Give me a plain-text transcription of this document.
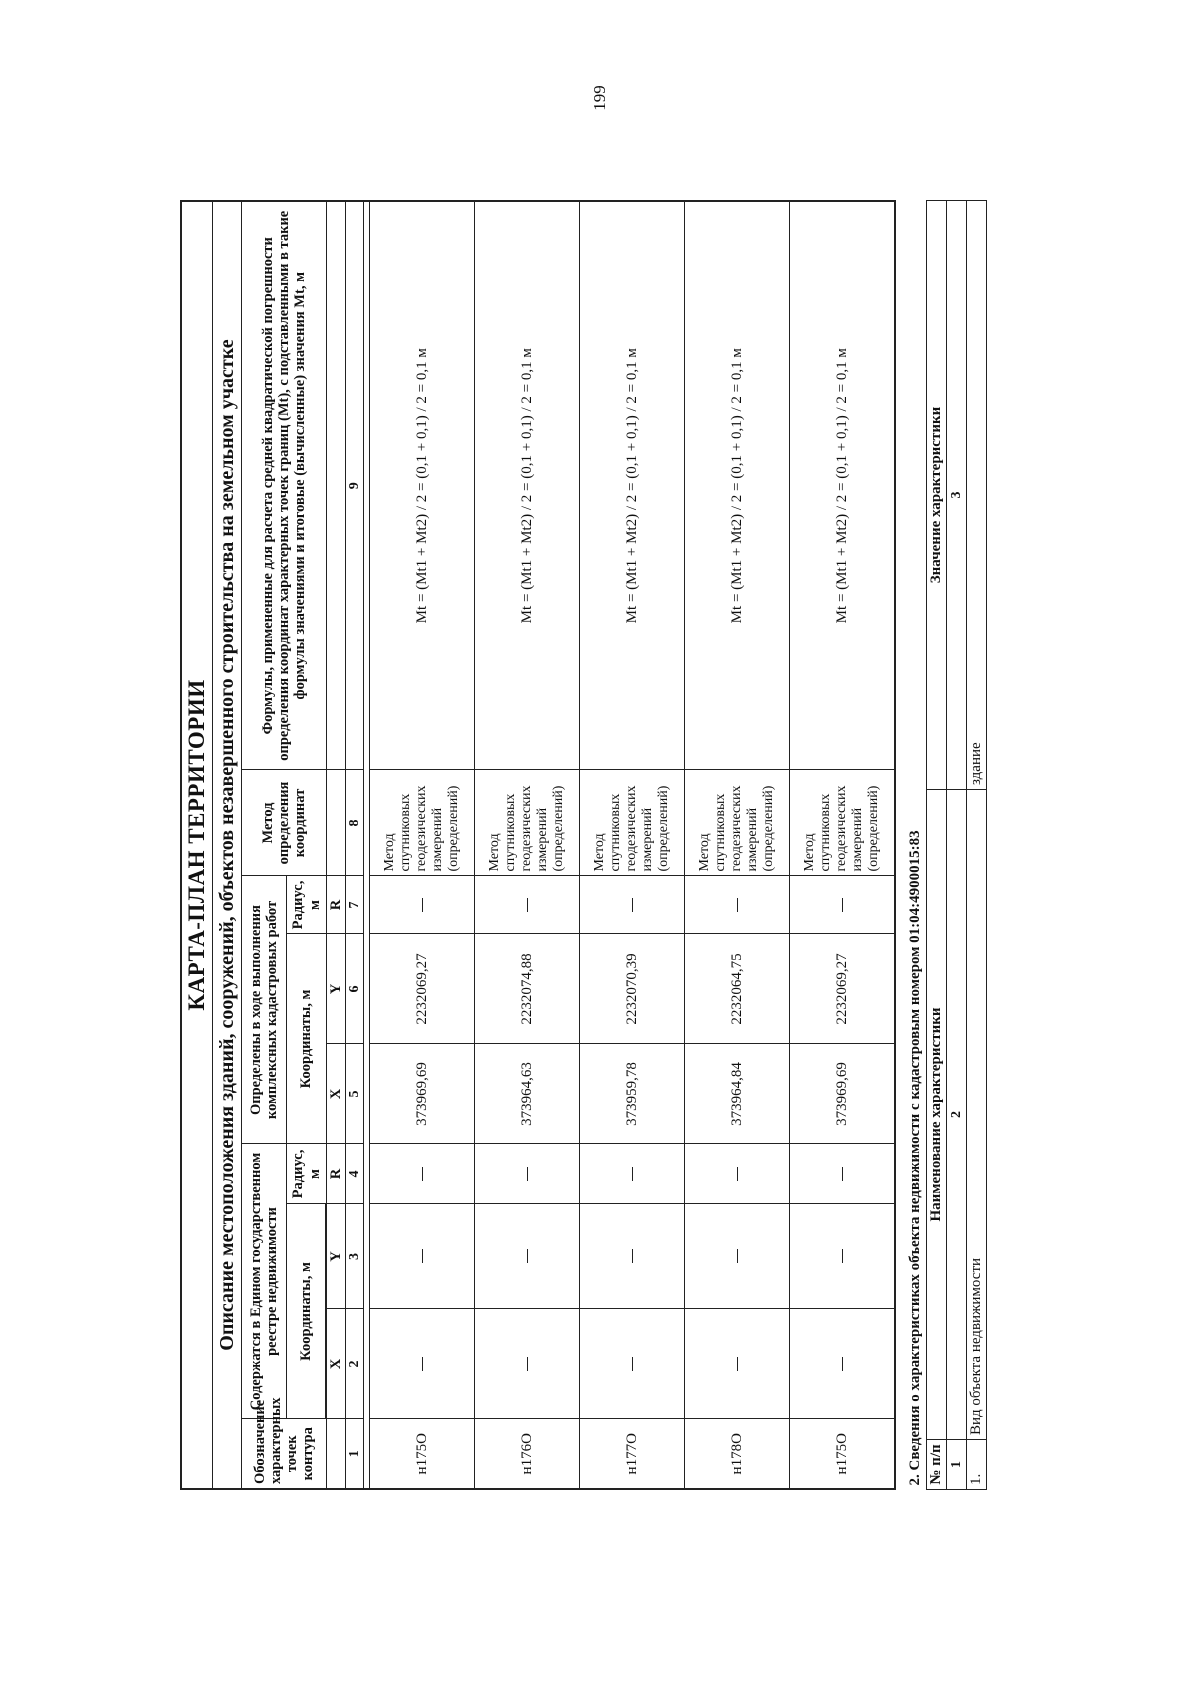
199
КАРТА-ПЛАН ТЕРРИТОРИИ								
Описание местоположения зданий, сооружений, объектов незавершенного строительства на земельном участке								
Обозначение характерных точек контура	Содержатся в Едином государственном реестре недвижимости			Определены в ходе выполнения комплексных кадастровых работ			Метод определения координат	Формулы, примененные для расчета средней квадратической погрешности определения координат характерных точек границ (Mt), с подставленными в такие формулы значениями и итоговые (вычисленные) значения Mt, м
	Координаты, м		Радиус, м	Координаты, м		Радиус, м		

	X	Y	R	X	Y	R		
1	2	3	4	5	6	7	8	9

н175О				373969,69	2232069,27		Метод спутниковых геодезических измерений (определений)	Mt = (Mt1 + Mt2) / 2 = (0,1 + 0,1) / 2 = 0,1 м
н176О				373964,63	2232074,88		Метод спутниковых геодезических измерений (определений)	Mt = (Mt1 + Mt2) / 2 = (0,1 + 0,1) / 2 = 0,1 м
н177О				373959,78	2232070,39		Метод спутниковых геодезических измерений (определений)	Mt = (Mt1 + Mt2) / 2 = (0,1 + 0,1) / 2 = 0,1 м
н178О				373964,84	2232064,75		Метод спутниковых геодезических измерений (определений)	Mt = (Mt1 + Mt2) / 2 = (0,1 + 0,1) / 2 = 0,1 м
н175О				373969,69	2232069,27		Метод спутниковых геодезических измерений (определений)	Mt = (Mt1 + Mt2) / 2 = (0,1 + 0,1) / 2 = 0,1 м
2. Сведения о характеристиках объекта недвижимости с кадастровым номером 01:04:4900015:83		
№ п/п	Наименование характеристики	Значение характеристики
1	2	3
1.	Вид объекта недвижимости	здание
